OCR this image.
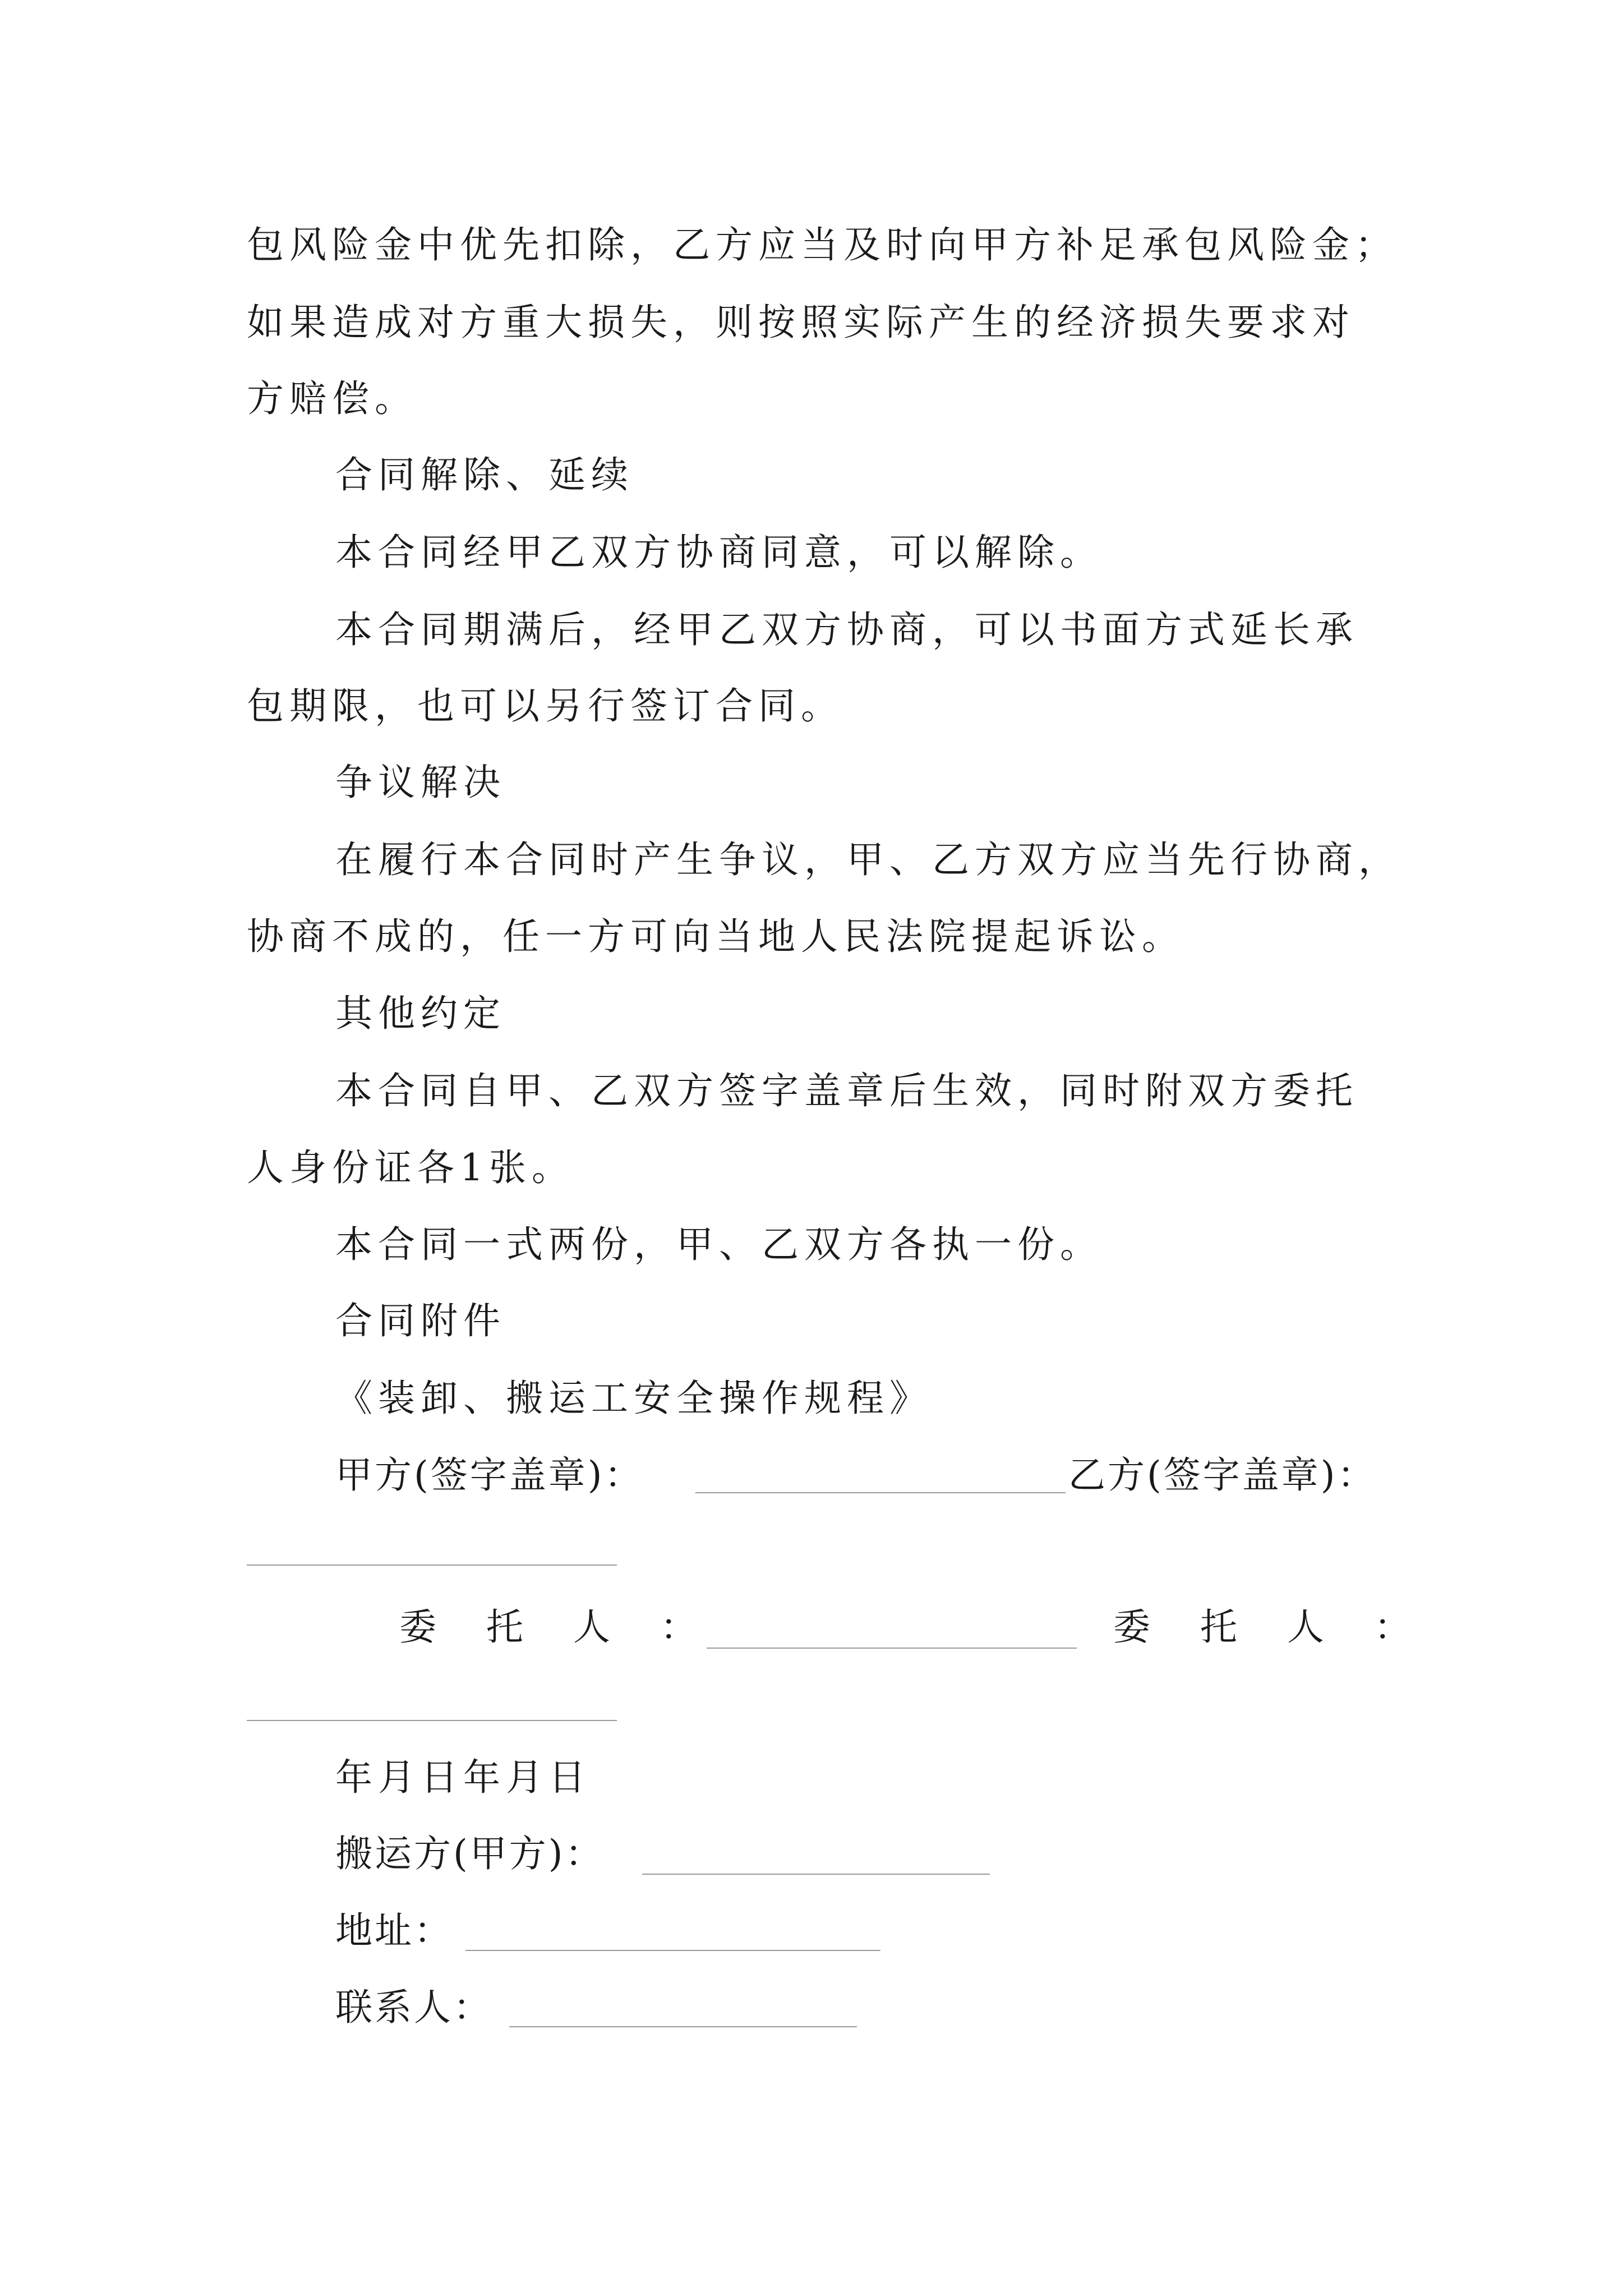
包风险金中优先扣除，乙方应当及时向甲方补足承包风险金；
如果造成对方重大损失，则按照实际产生的经济损失要求对
方赔偿。
合同解除、延续
本合同经甲乙双方协商同意，可以解除。
本合同期满后，经甲乙双方协商，可以书面方式延长承
包期限，也可以另行签订合同。
争议解决
在履行本合同时产生争议，甲、乙方双方应当先行协商，
协商不成的，任一方可向当地人民法院提起诉讼。
其他约定
本合同自甲、乙双方签字盖章后生效，同时附双方委托
人身份证各1张。
本合同一式两份，甲、乙双方各执一份。
合同附件
《装卸、搬运工安全操作规程》
甲方(签字盖章)：	乙方(签字盖章)：
委 托 人 ：	委 托 人 ：
年月日年月日
搬运方(甲方)：
地址：
联系人：
